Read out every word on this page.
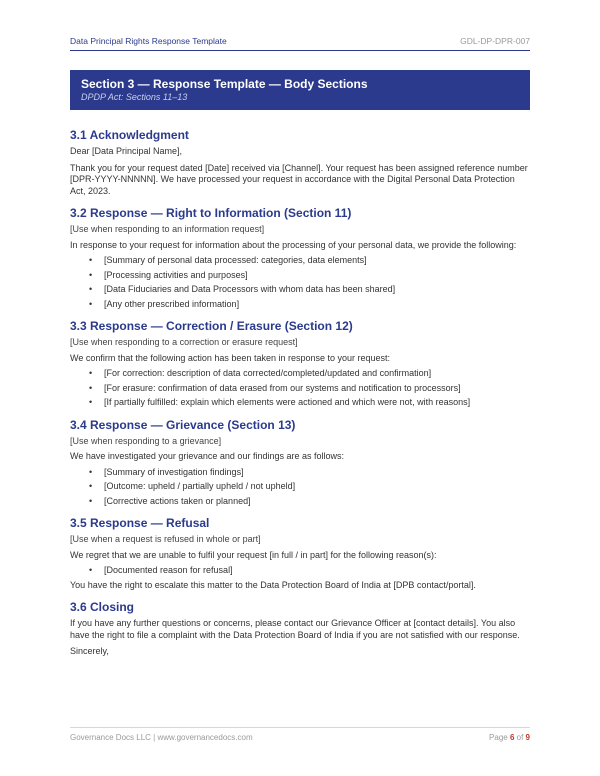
Data Principal Rights Response Template	GDL-DP-DPR-007
Section 3 — Response Template — Body Sections
DPDP Act: Sections 11–13
3.1 Acknowledgment

Dear [Data Principal Name],

Thank you for your request dated [Date] received via [Channel]. Your request has been assigned reference number [DPR-YYYY-NNNNN]. We have processed your request in accordance with the Digital Personal Data Protection Act, 2023.

3.2 Response — Right to Information (Section 11)

[Use when responding to an information request]

In response to your request for information about the processing of your personal data, we provide the following:

• [Summary of personal data processed: categories, data elements]
• [Processing activities and purposes]
• [Data Fiduciaries and Data Processors with whom data has been shared]
• [Any other prescribed information]
3.3 Response — Correction / Erasure (Section 12)

[Use when responding to a correction or erasure request]

We confirm that the following action has been taken in response to your request:

• [For correction: description of data corrected/completed/updated and confirmation]
• [For erasure: confirmation of data erased from our systems and notification to processors]
• [If partially fulfilled: explain which elements were actioned and which were not, with reasons]
3.4 Response — Grievance (Section 13)

[Use when responding to a grievance]

We have investigated your grievance and our findings are as follows:

• [Summary of investigation findings]
• [Outcome: upheld / partially upheld / not upheld]
• [Corrective actions taken or planned]
3.5 Response — Refusal

[Use when a request is refused in whole or part]

We regret that we are unable to fulfil your request [in full / in part] for the following reason(s):

• [Documented reason for refusal]

You have the right to escalate this matter to the Data Protection Board of India at [DPB contact/portal].

3.6 Closing

If you have any further questions or concerns, please contact our Grievance Officer at [contact details]. You also have the right to file a complaint with the Data Protection Board of India if you are not satisfied with our response.

Sincerely,

Governance Docs LLC | www.governancedocs.com	Page 6 of 9
